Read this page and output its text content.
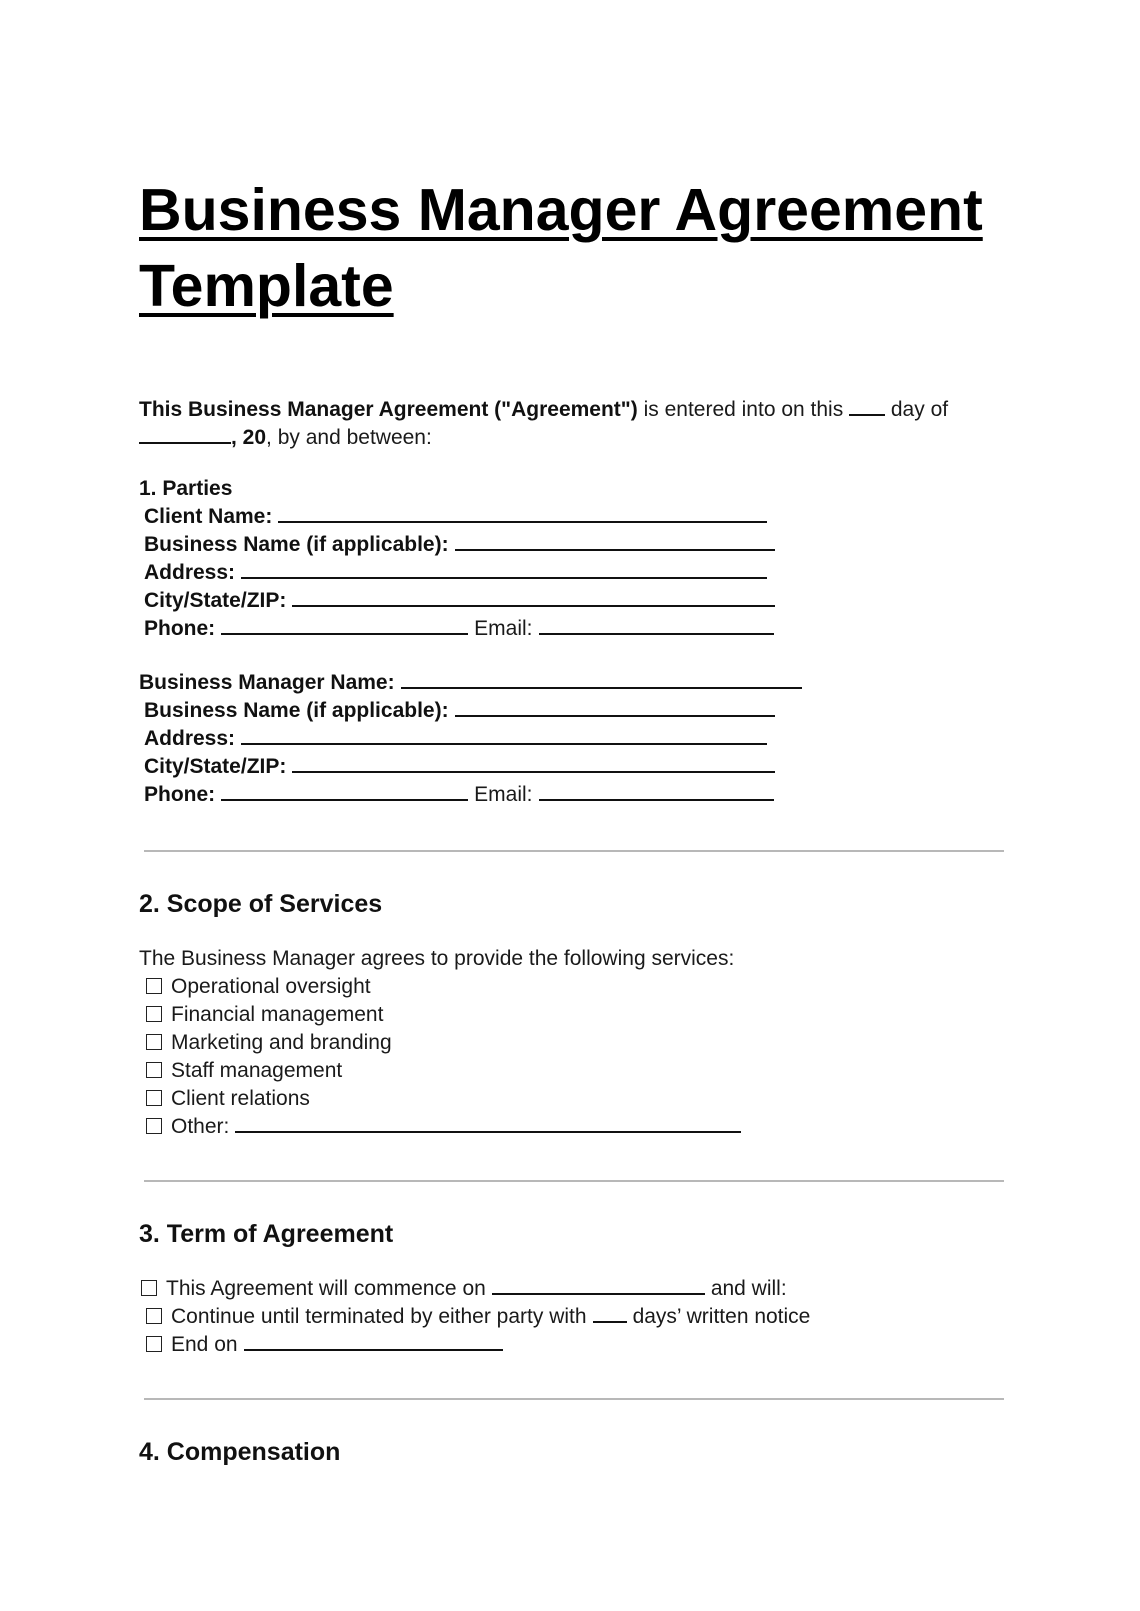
Business Manager Agreement Template
This Business Manager Agreement ("Agreement") is entered into on this  day of
, 20, by and between:
1. Parties
Client Name:
Business Name (if applicable):
Address:
City/State/ZIP:
Phone:	Email:
Business Manager Name:
Business Name (if applicable):
Address:
City/State/ZIP:
Phone:	Email:
2. Scope of Services
The Business Manager agrees to provide the following services:
Operational oversight
Financial management
Marketing and branding
Staff management
Client relations
Other:
3. Term of Agreement
This Agreement will commence on	and will:
Continue until terminated by either party with days’ written notice
End on
4. Compensation
